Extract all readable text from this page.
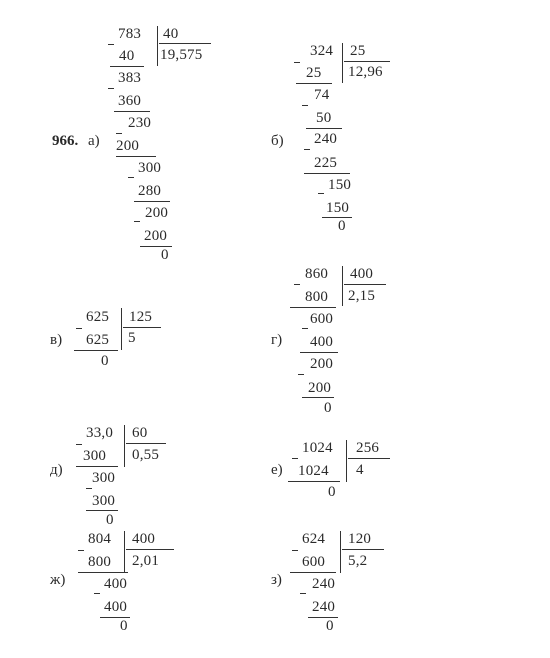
966. а)
783 40
19,575
40
383
360
230
200
300
280
200
200
0
б)
324 25
12,96
25
74
50
240
225
150
150
0
в)
625 125
5
625
0
г)
860 400
2,15
800
600
400
200
200
0
д)
33,0 60
0,55
300
300
300
0
е)
1024 256
4
1024
0
ж)
804 400
2,01
800
400
400
0
з)
624 120
5,2
600
240
240
0
